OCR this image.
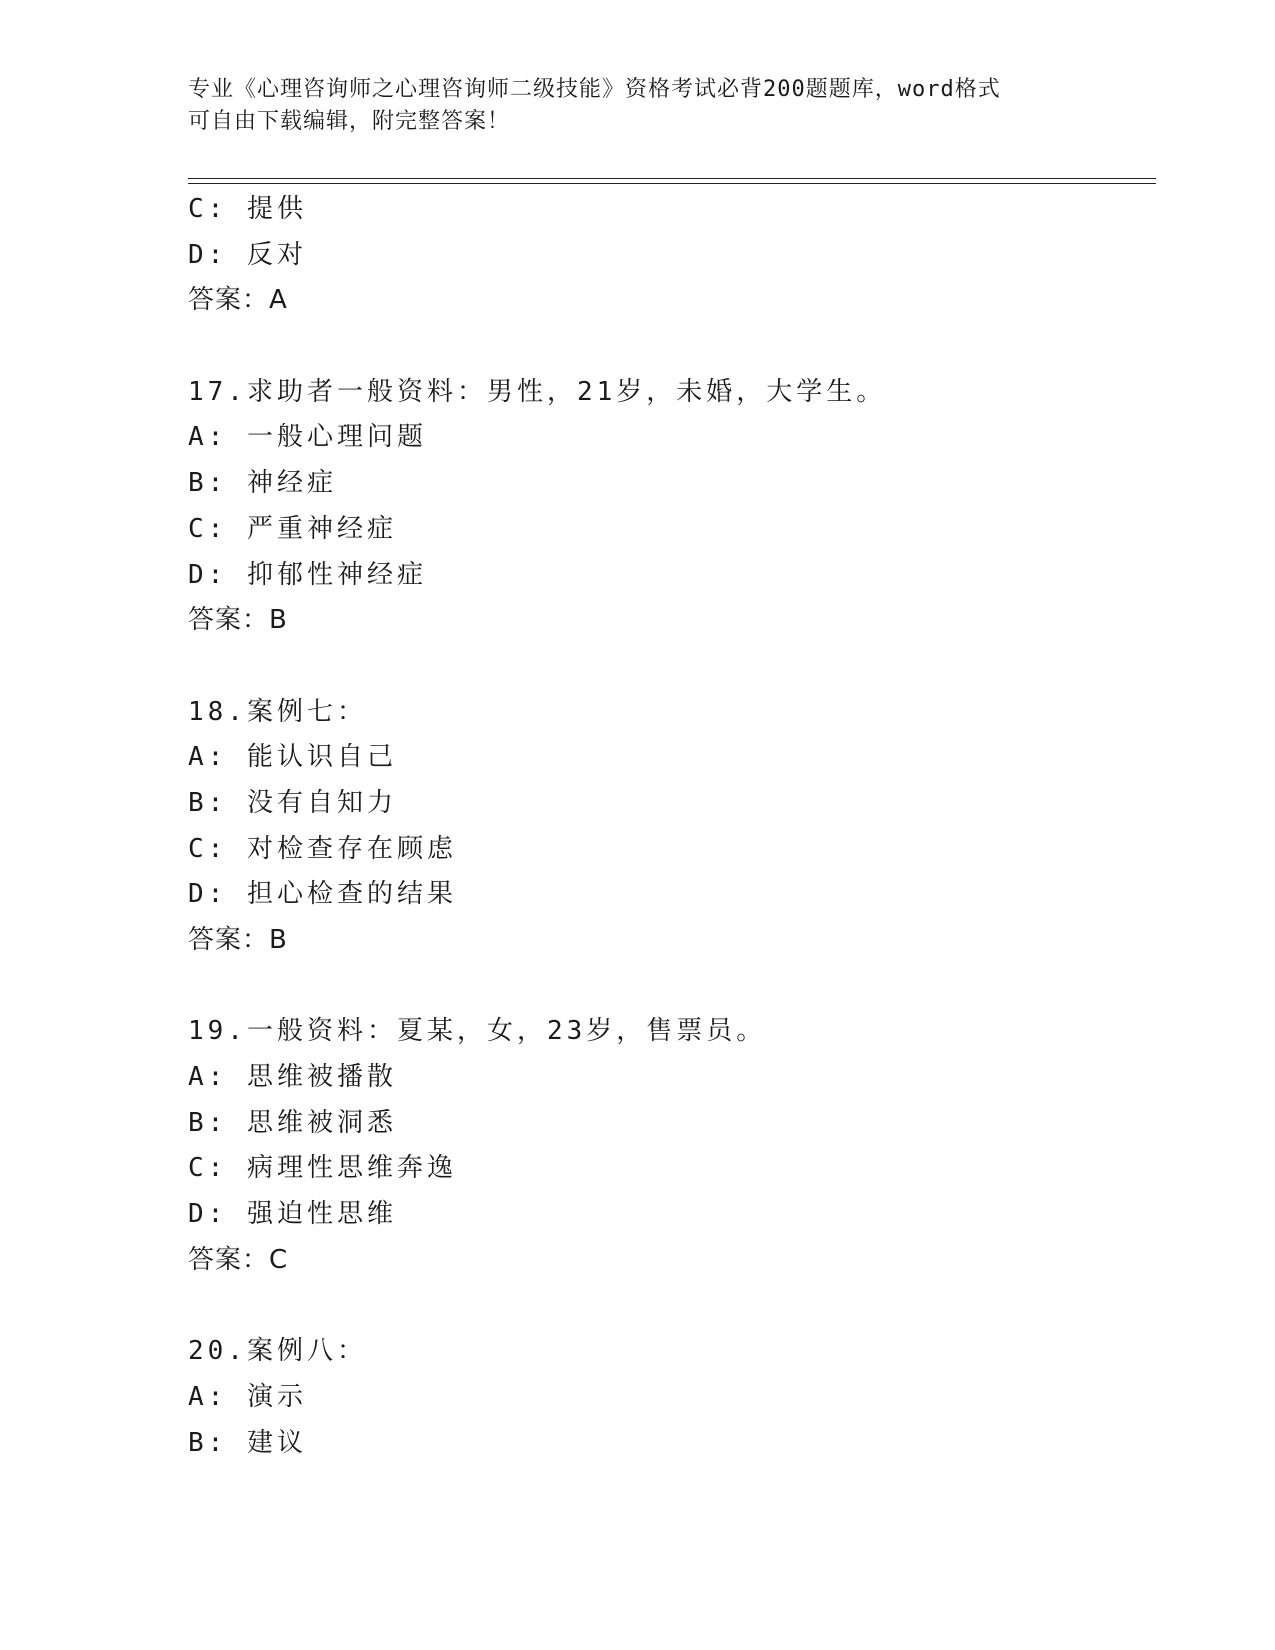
专业《心理咨询师之心理咨询师二级技能》资格考试必背200题题库，word格式
可自由下载编辑，附完整答案！
C: 提供
D: 反对
答案：A
17.求助者一般资料：男性，21岁，未婚，大学生。
A: 一般心理问题
B: 神经症
C: 严重神经症
D: 抑郁性神经症
答案：B
18.案例七：
A: 能认识自己
B: 没有自知力
C: 对检查存在顾虑
D: 担心检查的结果
答案：B
19.一般资料：夏某，女，23岁，售票员。
A: 思维被播散
B: 思维被洞悉
C: 病理性思维奔逸
D: 强迫性思维
答案：C
20.案例八：
A: 演示
B: 建议
